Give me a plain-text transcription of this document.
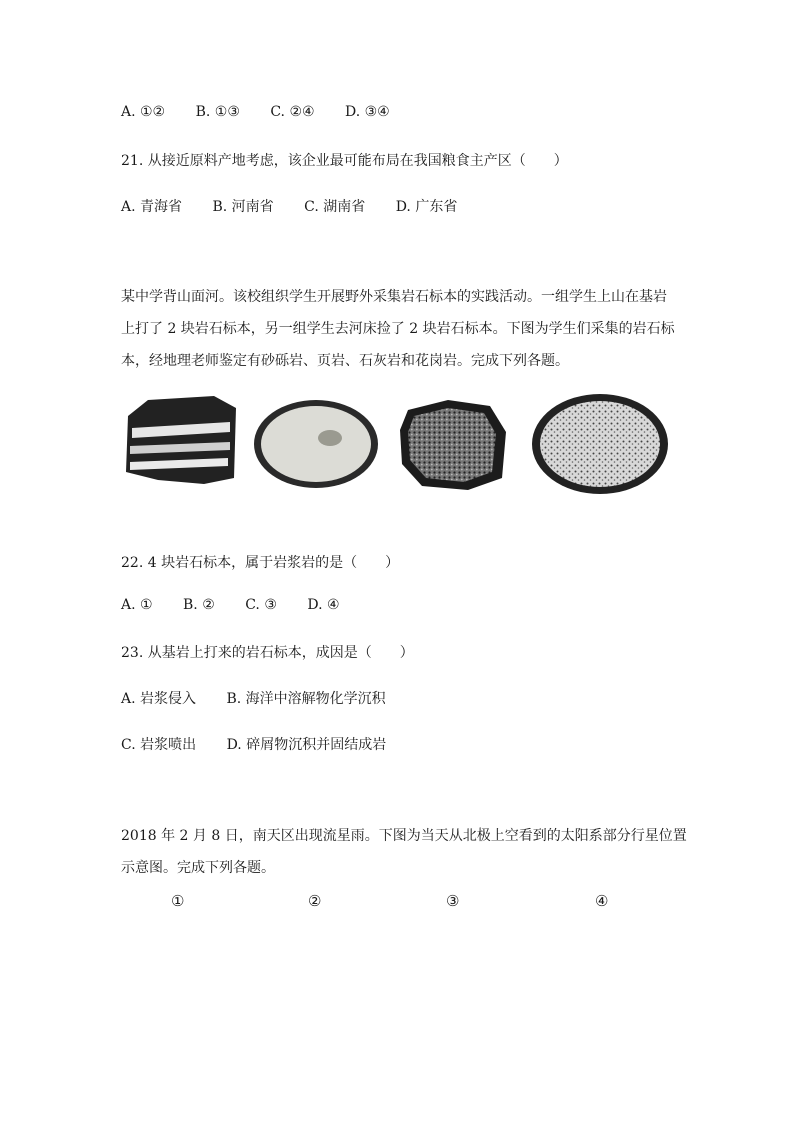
A. ①② B. ①③ C. ②④ D. ③④
21. 从接近原料产地考虑，该企业最可能布局在我国粮食主产区（　　）
A. 青海省 B. 河南省 C. 湖南省 D. 广东省
某中学背山面河。该校组织学生开展野外采集岩石标本的实践活动。一组学生上山在基岩
上打了 2 块岩石标本，另一组学生去河床捡了 2 块岩石标本。下图为学生们采集的岩石标
本，经地理老师鉴定有砂砾岩、页岩、石灰岩和花岗岩。完成下列各题。
①	②	③	④
22. 4 块岩石标本，属于岩浆岩的是（　　）
A. ① B. ② C. ③ D. ④
23. 从基岩上打来的岩石标本，成因是（　　）
A. 岩浆侵入 B. 海洋中溶解物化学沉积
C. 岩浆喷出 D. 碎屑物沉积并固结成岩
2018 年 2 月 8 日，南天区出现流星雨。下图为当天从北极上空看到的太阳系部分行星位置
示意图。完成下列各题。
